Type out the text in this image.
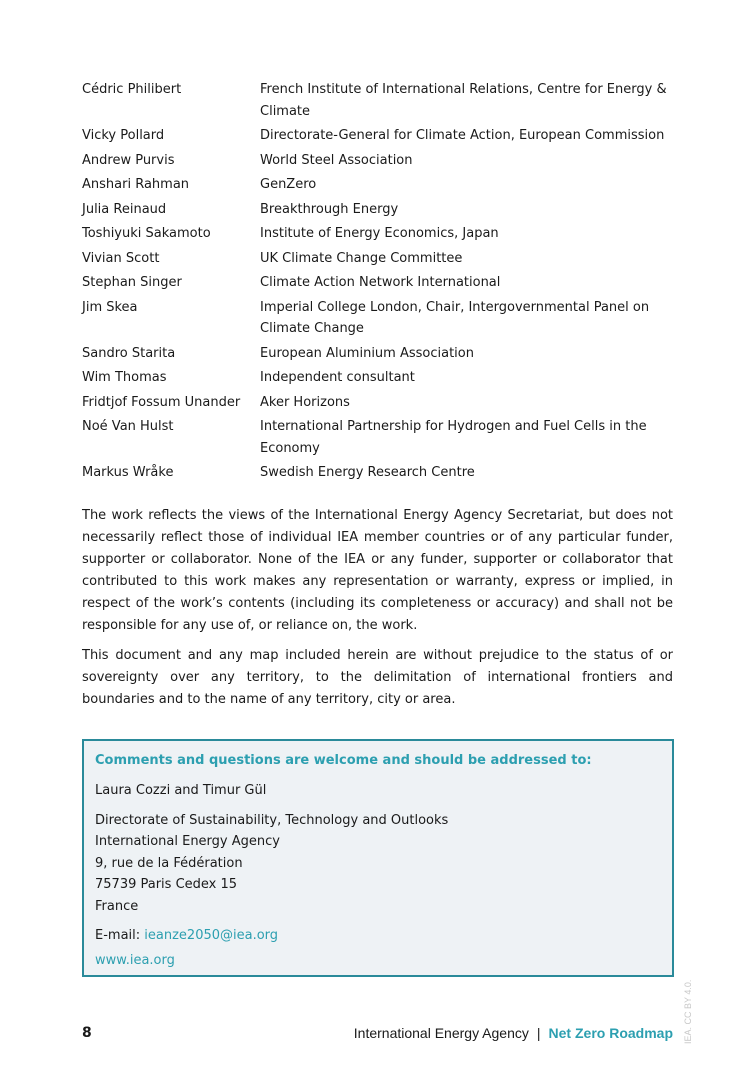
Cédric Philibert	French Institute of International Relations, Centre for Energy &
Climate
Vicky Pollard	Directorate-General for Climate Action, European Commission
Andrew Purvis	World Steel Association
Anshari Rahman	GenZero
Julia Reinaud	Breakthrough Energy
Toshiyuki Sakamoto	Institute of Energy Economics, Japan
Vivian Scott	UK Climate Change Committee
Stephan Singer	Climate Action Network International
Jim Skea	Imperial College London, Chair, Intergovernmental Panel on
Climate Change
Sandro Starita	European Aluminium Association
Wim Thomas	Independent consultant
Fridtjof Fossum Unander	Aker Horizons
Noé Van Hulst	International Partnership for Hydrogen and Fuel Cells in the
Economy
Markus Wråke	Swedish Energy Research Centre

The work reflects the views of the International Energy Agency Secretariat, but does not necessarily reflect those of individual IEA member countries or of any particular funder, supporter or collaborator. None of the IEA or any funder, supporter or collaborator that contributed to this work makes any representation or warranty, express or implied, in respect of the work’s contents (including its completeness or accuracy) and shall not be responsible for any use of, or reliance on, the work.

This document and any map included herein are without prejudice to the status of or sovereignty over any territory, to the delimitation of international frontiers and boundaries and to the name of any territory, city or area.

Comments and questions are welcome and should be addressed to:
Laura Cozzi and Timur Gül
Directorate of Sustainability, Technology and Outlooks
International Energy Agency
9, rue de la Fédération
75739 Paris Cedex 15
France
E-mail: ieanze2050@iea.org
www.iea.org
8	International Energy Agency | Net Zero Roadmap IEA. CC BY 4.0.
